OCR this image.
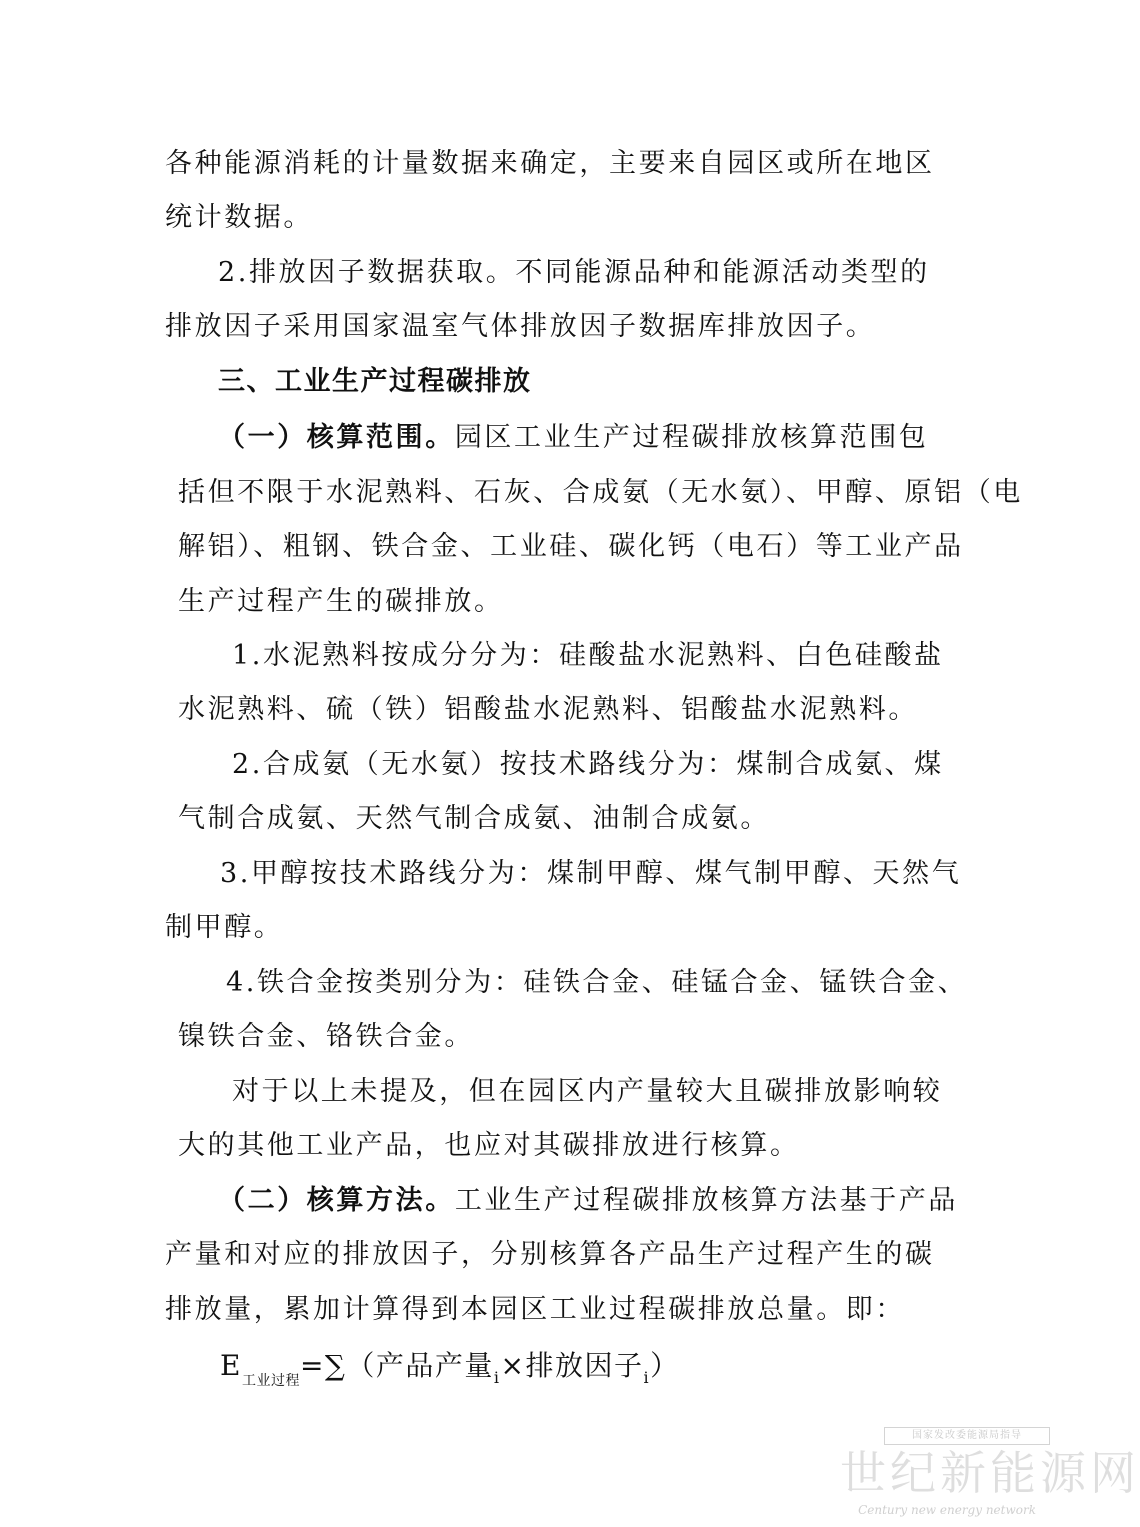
各种能源消耗的计量数据来确定，主要来自园区或所在地区
统计数据。
2.排放因子数据获取。不同能源品种和能源活动类型的
排放因子采用国家温室气体排放因子数据库排放因子。
三、工业生产过程碳排放
（一）核算范围。园区工业生产过程碳排放核算范围包
括但不限于水泥熟料、石灰、合成氨（无水氨）、甲醇、原铝（电
解铝）、粗钢、铁合金、工业硅、碳化钙（电石）等工业产品
生产过程产生的碳排放。
1.水泥熟料按成分分为：硅酸盐水泥熟料、白色硅酸盐
水泥熟料、硫（铁）铝酸盐水泥熟料、铝酸盐水泥熟料。
2.合成氨（无水氨）按技术路线分为：煤制合成氨、煤
气制合成氨、天然气制合成氨、油制合成氨。
3.甲醇按技术路线分为：煤制甲醇、煤气制甲醇、天然气
制甲醇。
4.铁合金按类别分为：硅铁合金、硅锰合金、锰铁合金、
镍铁合金、铬铁合金。
对于以上未提及，但在园区内产量较大且碳排放影响较
大的其他工业产品，也应对其碳排放进行核算。
（二）核算方法。工业生产过程碳排放核算方法基于产品
产量和对应的排放因子，分别核算各产品生产过程产生的碳
排放量，累加计算得到本园区工业过程碳排放总量。即：
$E_{工业过程}=\sum$（产品产量$_i$×排放因子$_i$）
国家发改委能源局指导
世纪新能源网
Century new energy network
